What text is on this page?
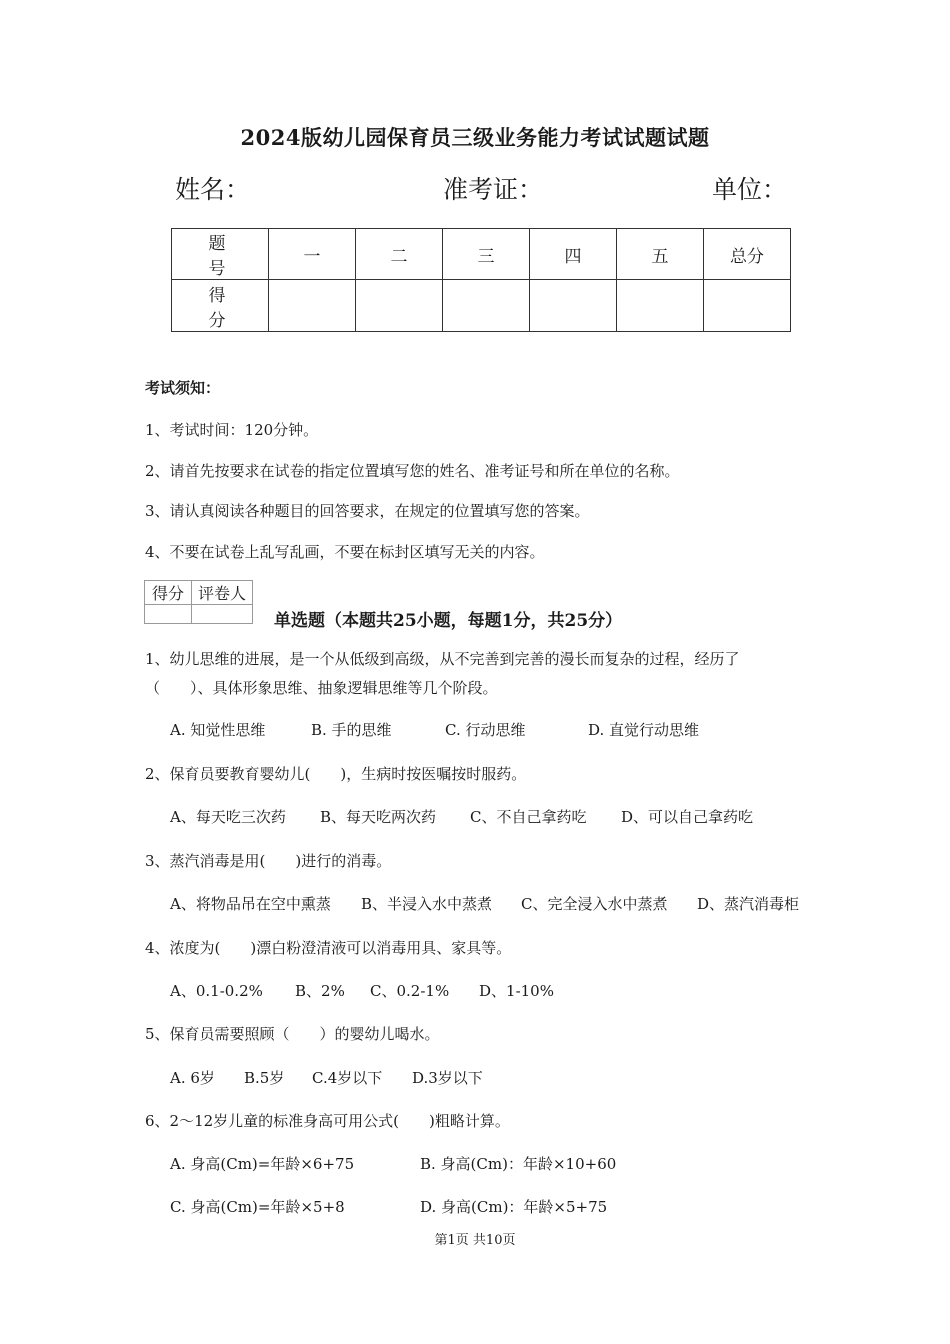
2024版幼儿园保育员三级业务能力考试试题试题
姓名：	准考证：	单位：
题　号	一	二	三	四	五	总分
得　分						
考试须知：
1、考试时间：120分钟。
2、请首先按要求在试卷的指定位置填写您的姓名、准考证号和所在单位的名称。
3、请认真阅读各种题目的回答要求，在规定的位置填写您的答案。
4、不要在试卷上乱写乱画，不要在标封区填写无关的内容。
得分	评卷人

单选题（本题共25小题，每题1分，共25分）
1、幼儿思维的进展，是一个从低级到高级，从不完善到完善的漫长而复杂的过程，经历了
（　　）、具体形象思维、抽象逻辑思维等几个阶段。
A. 知觉性思维	B. 手的思维	C. 行动思维	D. 直觉行动思维
2、保育员要教育婴幼儿(　　)，生病时按医嘱按时服药。
A、每天吃三次药 B、每天吃两次药 C、不自己拿药吃 D、可以自己拿药吃
3、蒸汽消毒是用(　　)进行的消毒。
A、将物品吊在空中熏蒸 B、半浸入水中蒸煮 C、完全浸入水中蒸煮 D、蒸汽消毒柜
4、浓度为(　　)漂白粉澄清液可以消毒用具、家具等。
A、0.1-0.2% B、2% C、0.2-1% D、1-10%
5、保育员需要照顾（　　）的婴幼儿喝水。
A. 6岁 B.5岁 C.4岁以下 D.3岁以下
6、2～12岁儿童的标准身高可用公式(　　)粗略计算。
A. 身高(Cm)=年龄×6+75	B. 身高(Cm)：年龄×10+60
C. 身高(Cm)=年龄×5+8	D. 身高(Cm)：年龄×5+75
第1页 共10页
